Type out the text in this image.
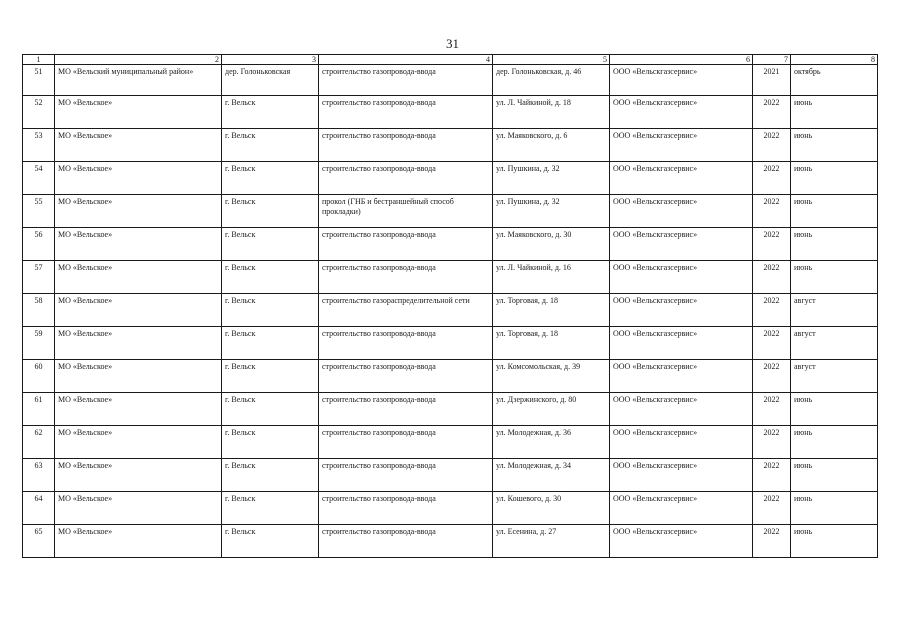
31
1	2	3	4	5	6	7	8
51	МО «Вельский муниципальный район»	дер. Голоньковская	строительство газопровода-ввода	дер. Голоньковская, д. 46	ООО «Вельскгазсервис»	2021	октябрь
52	МО «Вельское»	г. Вельск	строительство газопровода-ввода	ул. Л. Чайкиной, д. 18	ООО «Вельскгазсервис»	2022	июнь
53	МО «Вельское»	г. Вельск	строительство газопровода-ввода	ул. Маяковского, д. 6	ООО «Вельскгазсервис»	2022	июнь
54	МО «Вельское»	г. Вельск	строительство газопровода-ввода	ул. Пушкина, д. 32	ООО «Вельскгазсервис»	2022	июнь
55	МО «Вельское»	г. Вельск	прокол (ГНБ и бестраншейный способ прокладки)	ул. Пушкина, д. 32	ООО «Вельскгазсервис»	2022	июнь
56	МО «Вельское»	г. Вельск	строительство газопровода-ввода	ул. Маяковского, д. 30	ООО «Вельскгазсервис»	2022	июнь
57	МО «Вельское»	г. Вельск	строительство газопровода-ввода	ул. Л. Чайкиной, д. 16	ООО «Вельскгазсервис»	2022	июнь
58	МО «Вельское»	г. Вельск	строительство газораспределительной сети	ул. Торговая, д. 18	ООО «Вельскгазсервис»	2022	август
59	МО «Вельское»	г. Вельск	строительство газопровода-ввода	ул. Торговая, д. 18	ООО «Вельскгазсервис»	2022	август
60	МО «Вельское»	г. Вельск	строительство газопровода-ввода	ул. Комсомольская, д. 39	ООО «Вельскгазсервис»	2022	август
61	МО «Вельское»	г. Вельск	строительство газопровода-ввода	ул. Дзержинского, д. 80	ООО «Вельскгазсервис»	2022	июнь
62	МО «Вельское»	г. Вельск	строительство газопровода-ввода	ул. Молодежная, д. 36	ООО «Вельскгазсервис»	2022	июнь
63	МО «Вельское»	г. Вельск	строительство газопровода-ввода	ул. Молодежная, д. 34	ООО «Вельскгазсервис»	2022	июнь
64	МО «Вельское»	г. Вельск	строительство газопровода-ввода	ул. Кошевого, д. 30	ООО «Вельскгазсервис»	2022	июнь
65	МО «Вельское»	г. Вельск	строительство газопровода-ввода	ул. Есенина, д. 27	ООО «Вельскгазсервис»	2022	июнь
